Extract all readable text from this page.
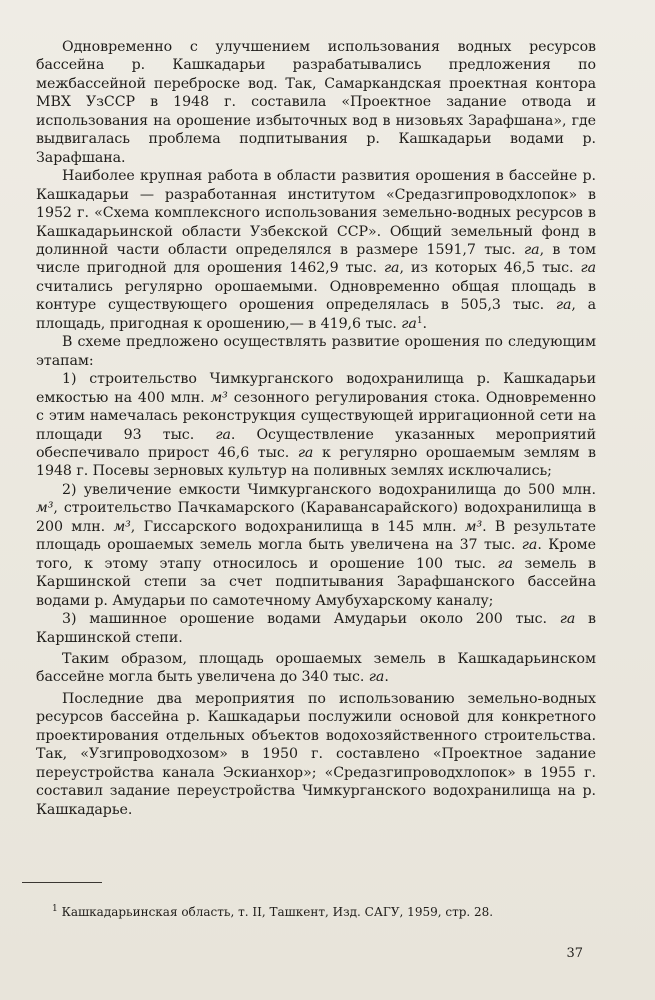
Одновременно с улучшением использования водных ресурсов бассейна р. Кашкадарьи разрабатывались предложения по межбассейной переброске вод. Так, Самаркандская проектная контора МВХ УзССР в 1948 г. составила «Проектное задание отвода и использования на орошение избыточных вод в низовьях Зарафшана», где выдвигалась проблема подпитывания р. Кашкадарьи водами р. Зарафшана.

Наиболее крупная работа в области развития орошения в бассейне р. Кашкадарьи — разработанная институтом «Средазгипроводхлопок» в 1952 г. «Схема комплексного использования земельно-водных ресурсов в Кашкадарьинской области Узбекской ССР». Общий земельный фонд в долинной части области определялся в размере 1591,7 тыс. га, в том числе пригодной для орошения 1462,9 тыс. га, из которых 46,5 тыс. га считались регулярно орошаемыми. Одновременно общая площадь в контуре существующего орошения определялась в 505,3 тыс. га, а площадь, пригодная к орошению,— в 419,6 тыс. $га^1$.

В схеме предложено осуществлять развитие орошения по следующим этапам:

1) строительство Чимкурганского водохранилища р. Кашкадарьи емкостью на 400 млн. м³ сезонного регулирования стока. Одновременно с этим намечалась реконструкция существующей ирригационной сети на площади 93 тыс. га. Осуществление указанных мероприятий обеспечивало прирост 46,6 тыс. га к регулярно орошаемым землям в 1948 г. Посевы зерновых культур на поливных землях исключались;

2) увеличение емкости Чимкурганского водохранилища до 500 млн. м³, строительство Пачкамарского (Каравансарайского) водохранилища в 200 млн. м³, Гиссарского водохранилища в 145 млн. м³. В результате площадь орошаемых земель могла быть увеличена на 37 тыс. га. Кроме того, к этому этапу относилось и орошение 100 тыс. га земель в Каршинской степи за счет подпитывания Зарафшанского бассейна водами р. Амударьи по самотечному Амубухарскому каналу;

3) машинное орошение водами Амударьи около 200 тыс. га в Каршинской степи.

Таким образом, площадь орошаемых земель в Кашкадарьинском бассейне могла быть увеличена до 340 тыс. га.

Последние два мероприятия по использованию земельно-водных ресурсов бассейна р. Кашкадарьи послужили основой для конкретного проектирования отдельных объектов водохозяйственного строительства. Так, «Узгипроводхозом» в 1950 г. составлено «Проектное задание переустройства канала Эскианхор»; «Средазгипроводхлопок» в 1955 г. составил задание переустройства Чимкурганского водохранилища на р. Кашкадарье.

$^1$ Кашкадарьинская область, т. II, Ташкент, Изд. САГУ, 1959, стр. 28.
37
